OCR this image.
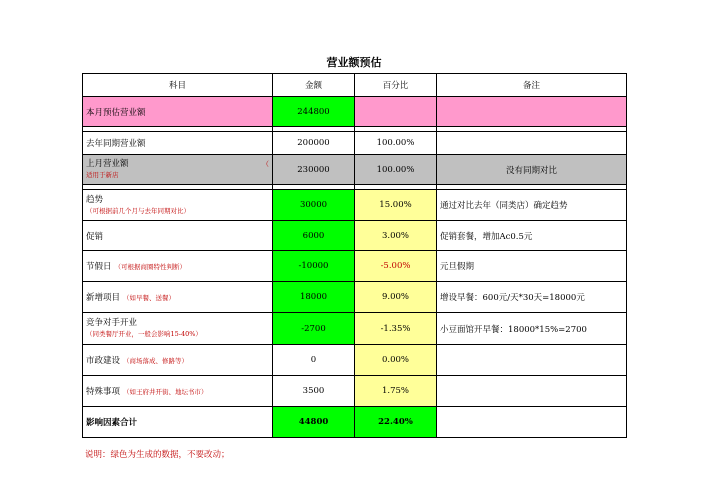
营业额预估
科目	金额	百分比	备注
本月预估营业额	244800		

去年同期营业额	200000	100.00%	

上月营业额 （
适用于新店	230000	100.00%	没有同期对比

趋势
（可根据前几个月与去年同期对比）	30000	15.00%	通过对比去年（同类店）确定趋势
促销	6000	3.00%	促销套餐，增加Ac0.5元
节假日 （可根据商圈特性判断）	-10000	-5.00%	元旦假期
新增项目 （如早餐、送餐）	18000	9.00%	增设早餐：600元/天*30天=18000元

竞争对手开业
（同类餐厅开业，一般会影响15-40%）	-2700	-1.35%	小豆面馆开早餐：18000*15%=2700
市政建设 （商场落成、修路等）	0	0.00%	
特殊事项 （如王府井开街、地坛书市）	3500	1.75%	
影响因素合计	44800	22.40%	
说明：绿色为生成的数据，不要改动；
